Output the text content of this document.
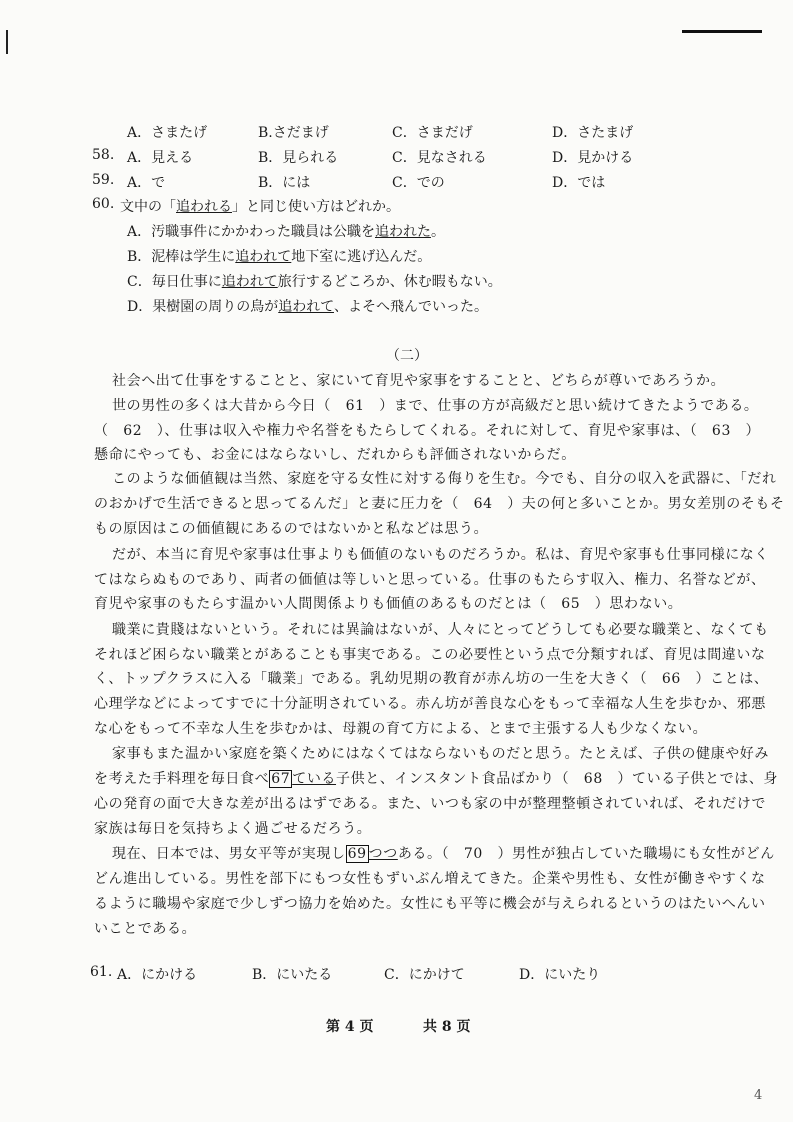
A．さまたげ	B.さだまげ	C．さまだげ	D．さたまげ
58. A．見える	B．見られる	C．見なされる	D．見かける
59. A．で	B．には	C．での	D．では
60. 文中の「追われる」と同じ使い方はどれか。
A．汚職事件にかかわった職員は公職を追われた。
B．泥棒は学生に追われて地下室に逃げ込んだ。
C．毎日仕事に追われて旅行するどころか、休む暇もない。
D．果樹園の周りの鳥が追われて、よそへ飛んでいった。
（二）
社会へ出て仕事をすることと、家にいて育児や家事をすることと、どちらが尊いであろうか。
世の男性の多くは大昔から今日（　61　）まで、仕事の方が高級だと思い続けてきたようである。
（　62　）、仕事は収入や権力や名誉をもたらしてくれる。それに対して、育児や家事は、（　63　）
懸命にやっても、お金にはならないし、だれからも評価されないからだ。
このような価値観は当然、家庭を守る女性に対する侮りを生む。今でも、自分の収入を武器に、「だれ
のおかげで生活できると思ってるんだ」と妻に圧力を（　64　）夫の何と多いことか。男女差別のそもそ
もの原因はこの価値観にあるのではないかと私などは思う。
だが、本当に育児や家事は仕事よりも価値のないものだろうか。私は、育児や家事も仕事同様になく
てはならぬものであり、両者の価値は等しいと思っている。仕事のもたらす収入、権力、名誉などが、
育児や家事のもたらす温かい人間関係よりも価値のあるものだとは（　65　）思わない。
職業に貴賤はないという。それには異論はないが、人々にとってどうしても必要な職業と、なくても
それほど困らない職業とがあることも事実である。この必要性という点で分類すれば、育児は間違いな
く、トップクラスに入る「職業」である。乳幼児期の教育が赤ん坊の一生を大きく（　66　）ことは、
心理学などによってすでに十分証明されている。赤ん坊が善良な心をもって幸福な人生を歩むか、邪悪
な心をもって不幸な人生を歩むかは、母親の育て方による、とまで主張する人も少なくない。
家事もまた温かい家庭を築くためにはなくてはならないものだと思う。たとえば、子供の健康や好み
を考えた手料理を毎日食べ 67 ている子供と、インスタント食品ばかり（　68　）ている子供とでは、身
心の発育の面で大きな差が出るはずである。また、いつも家の中が整理整頓されていれば、それだけで
家族は毎日を気持ちよく過ごせるだろう。
現在、日本では、男女平等が実現し 69 つつある。（　70　）男性が独占していた職場にも女性がどん
どん進出している。男性を部下にもつ女性もずいぶん増えてきた。企業や男性も、女性が働きやすくな
るように職場や家庭で少しずつ協力を始めた。女性にも平等に機会が与えられるというのはたいへんい
いことである。
61. A．にかける	B．にいたる	C．にかけて	D．にいたり
第 4 页	共 8 页
4
